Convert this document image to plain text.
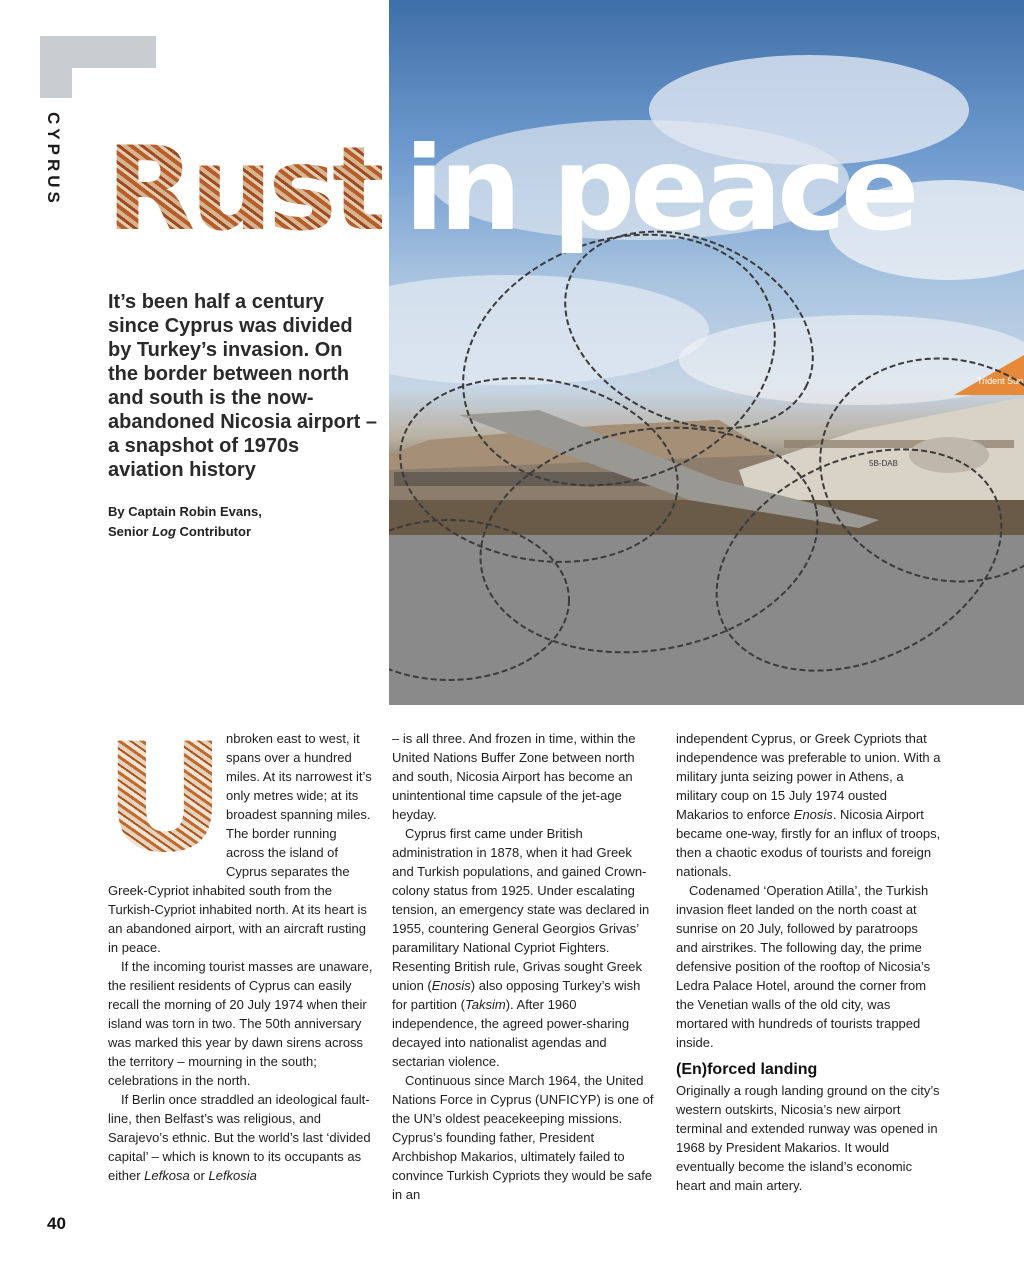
Trident Sun
5B-DAB
CYPRUS Rust in peace
It’s been half a century since Cyprus was divided by Turkey’s invasion. On the border between north and south is the now-abandoned Nicosia airport – a snapshot of 1970s aviation history
By Captain Robin Evans,
Senior Log Contributor
U nbroken east to west, it spans over a hundred miles. At its narrowest it’s only metres wide; at its broadest spanning miles. The border running across the island of Cyprus separates the Greek-Cypriot inhabited south from the Turkish-Cypriot inhabited north. At its heart is an abandoned airport, with an aircraft rusting in peace.

If the incoming tourist masses are unaware, the resilient residents of Cyprus can easily recall the morning of 20 July 1974 when their island was torn in two. The 50th anniversary was marked this year by dawn sirens across the territory – mourning in the south; celebrations in the north.

If Berlin once straddled an ideological fault-line, then Belfast’s was religious, and Sarajevo’s ethnic. But the world’s last ‘divided capital’ – which is known to its occupants as either Lefkosa or Lefkosia

– is all three. And frozen in time, within the United Nations Buffer Zone between north and south, Nicosia Airport has become an unintentional time capsule of the jet-age heyday.

Cyprus first came under British administration in 1878, when it had Greek and Turkish populations, and gained Crown-colony status from 1925. Under escalating tension, an emergency state was declared in 1955, countering General Georgios Grivas’ paramilitary National Cypriot Fighters. Resenting British rule, Grivas sought Greek union (Enosis) also opposing Turkey’s wish for partition (Taksim). After 1960 independence, the agreed power-sharing decayed into nationalist agendas and sectarian violence.

Continuous since March 1964, the United Nations Force in Cyprus (UNFICYP) is one of the UN’s oldest peacekeeping missions. Cyprus’s founding father, President Archbishop Makarios, ultimately failed to convince Turkish Cypriots they would be safe in an

independent Cyprus, or Greek Cypriots that independence was preferable to union. With a military junta seizing power in Athens, a military coup on 15 July 1974 ousted Makarios to enforce Enosis. Nicosia Airport became one-way, firstly for an influx of troops, then a chaotic exodus of tourists and foreign nationals.

Codenamed ‘Operation Atilla’, the Turkish invasion fleet landed on the north coast at sunrise on 20 July, followed by paratroops and airstrikes. The following day, the prime defensive position of the rooftop of Nicosia’s Ledra Palace Hotel, around the corner from the Venetian walls of the old city, was mortared with hundreds of tourists trapped inside.

(En)forced landing

Originally a rough landing ground on the city’s western outskirts, Nicosia’s new airport terminal and extended runway was opened in 1968 by President Makarios. It would eventually become the island’s economic heart and main artery.

40
